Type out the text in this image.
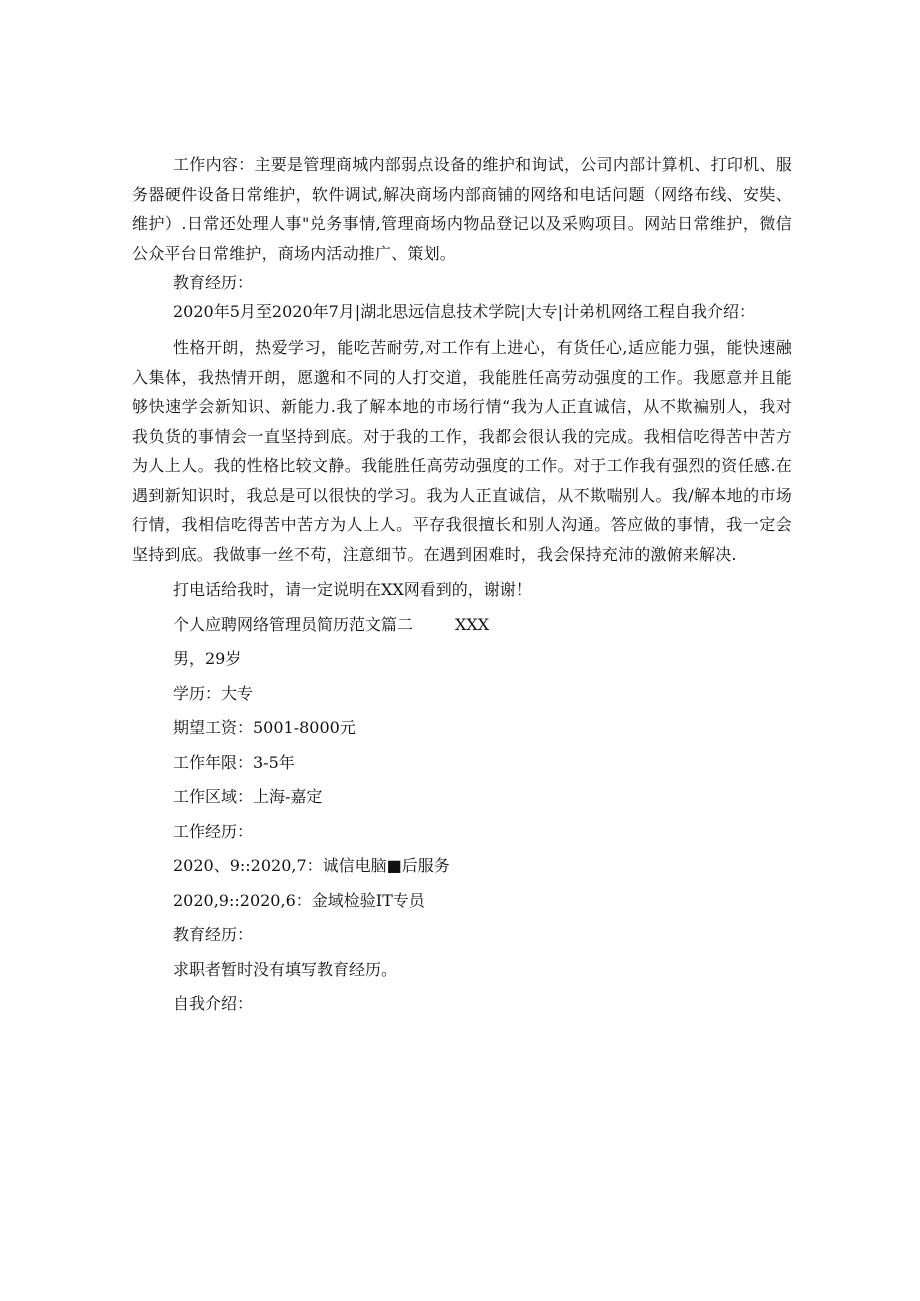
工作内容：主要是管理商城内部弱点设备的维护和询试，公司内部计算机、打印机、服务器硬件设备日常维护，软件调试,解决商场内部商铺的网络和电话问题（网络布线、安奘、维护）.日常还处理人事"兑务事情,管理商场内物品登记以及采购项目。网站日常维护，微信公众平台日常维护，商场内活动推广、策划。

教育经历：

2020年5月至2020年7月|湖北思远信息技术学院|大专|计弟机网络工程自我介绍：

性格开朗，热爱学习，能吃苦耐劳,对工作有上进心，有货任心,适应能力强，能快速融入集体，我热情开朗，愿邈和不同的人打交道，我能胜任高劳动强度的工作。我愿意并且能够快速学会新知识、新能力.我了解本地的市场行情“我为人正直诚信，从不欺褊别人，我对我负货的事情会一直坚持到底。对于我的工作，我都会很认我的完成。我相信吃得苦中苦方为人上人。我的性格比较文静。我能胜任高劳动强度的工作。对于工作我有强烈的资任感.在遇到新知识时，我总是可以很快的学习。我为人正直诚信，从不欺喘别人。我/解本地的市场行情，我相信吃得苦中苦方为人上人。平存我很擅长和别人沟通。答应做的事情，我一定会坚持到底。我做事一丝不苟，注意细节。在遇到困难时，我会保持充沛的激俯来解决.

打电话给我时，请一定说明在XX网看到的，谢谢！

个人应聘网络管理员简历范文篇二	XXX

男，29岁

学历：大专

期望工资：5001-8000元

工作年限：3-5年

工作区域：上海-嘉定

工作经历：

2020、9::2020,7：诚信电脑■后服务

2020,9::2020,6：金域检验IT专员

教育经历：

求职者暂时没有填写教育经历。

自我介绍：
